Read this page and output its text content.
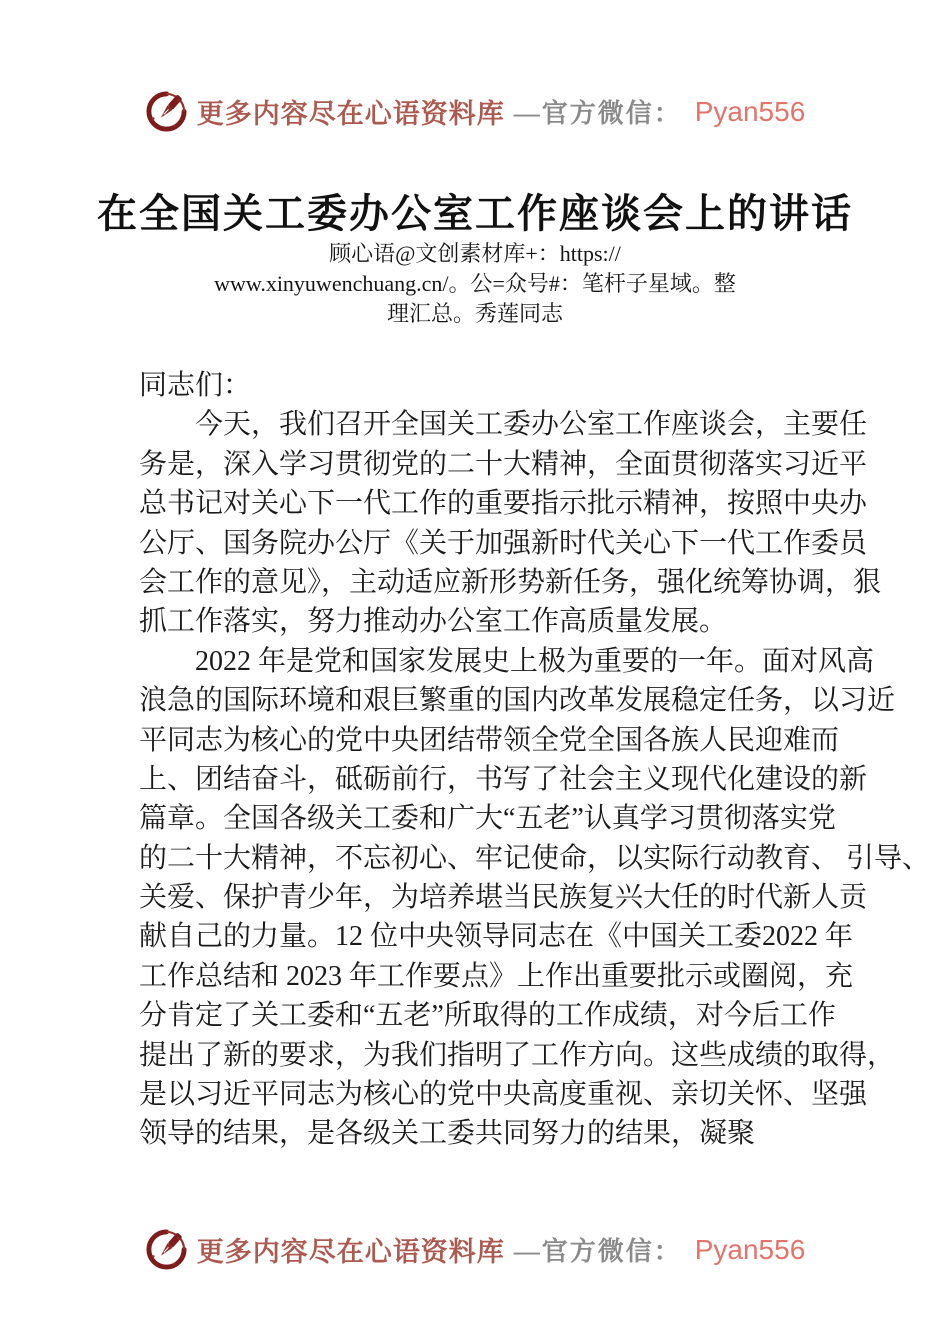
更多内容尽在心语资料库 —官方微信： Pyan556
在全国关工委办公室工作座谈会上的讲话
顾心语@文创素材库+：https://
www.xinyuwenchuang.cn/。公=众号#：笔杆子星域。整
理汇总。秀莲同志
同志们：
　　今天，我们召开全国关工委办公室工作座谈会，主要任
务是，深入学习贯彻党的二十大精神，全面贯彻落实习近平
总书记对关心下一代工作的重要指示批示精神，按照中央办
公厅、国务院办公厅《关于加强新时代关心下一代工作委员
会工作的意见》，主动适应新形势新任务，强化统筹协调，狠
抓工作落实，努力推动办公室工作高质量发展。
　　2022 年是党和国家发展史上极为重要的一年。面对风高
浪急的国际环境和艰巨繁重的国内改革发展稳定任务，以习近
平同志为核心的党中央团结带领全党全国各族人民迎难而
上、团结奋斗，砥砺前行，书写了社会主义现代化建设的新
篇章。全国各级关工委和广大“五老”认真学习贯彻落实党
的二十大精神，不忘初心、牢记使命，以实际行动教育、 引导、
关爱、保护青少年，为培养堪当民族复兴大任的时代新人贡
献自己的力量。12 位中央领导同志在《中国关工委2022 年
工作总结和 2023 年工作要点》上作出重要批示或圈阅，充
分肯定了关工委和“五老”所取得的工作成绩，对今后工作
提出了新的要求，为我们指明了工作方向。这些成绩的取得，
是以习近平同志为核心的党中央高度重视、亲切关怀、坚强
领导的结果，是各级关工委共同努力的结果，凝聚
更多内容尽在心语资料库 —官方微信： Pyan556
